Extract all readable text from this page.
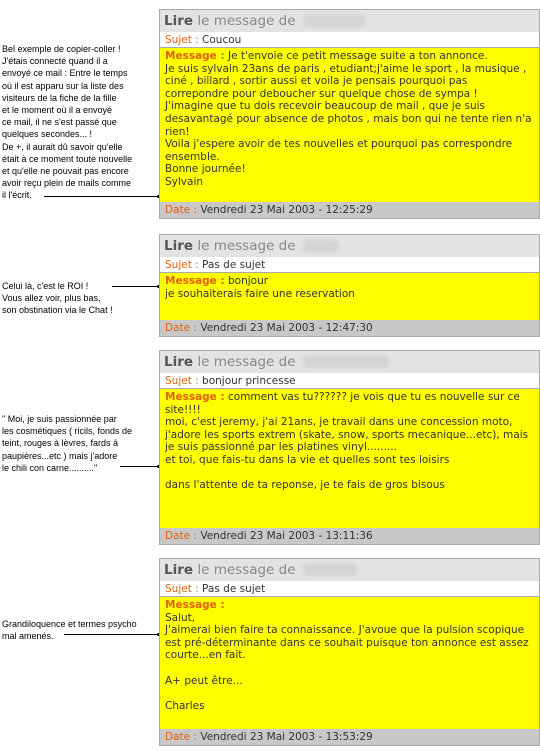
Bel exemple de copier-coller !
J'étais connecté quand il a
envoyé ce mail : Entre le temps
où il est apparu sur la liste des
visiteurs de la fiche de la fille
et le moment où il a envoyé
ce mail, il ne s'est passé que
quelques secondes... !
De +, il aurait dû savoir qu'elle
était à ce moment toute nouvelle
et qu'elle ne pouvait pas encore
avoir reçu plein de mails comme
il l'écrit.
Celui là, c'est le ROI !
Vous allez voir, plus bas,
son obstination via le Chat !
" Moi, je suis passionnée par
les cosmétiques ( ricils, fonds de
teint, rouges à lèvres, fards à
paupières...etc ) mais j'adore
le chili con carne.........."
Grandiloquence et termes psycho
mal amenés.
Lire le message de
Sujet : Coucou
Message : Je t'envoie ce petit message suite a ton annonce.
Je suis sylvain 23ans de paris , etudiant;j'aime le sport , la musique , ciné , billard , sortir aussi et voila je pensais pourquoi pas correpondre pour deboucher sur quelque chose de sympa !
J'imagine que tu dois recevoir beaucoup de mail , que je suis desavantagé pour absence de photos , mais bon qui ne tente rien n'a rien!
Voila j'espere avoir de tes nouvelles et pourquoi pas correspondre ensemble.
Bonne journée!
Sylvain
Date : Vendredi 23 Mai 2003 - 12:25:29
Lire le message de
Sujet : Pas de sujet
Message : bonjour
je souhaiterais faire une reservation
Date : Vendredi 23 Mai 2003 - 12:47:30
Lire le message de
Sujet : bonjour princesse
Message : comment vas tu?????? je vois que tu es nouvelle sur ce site!!!!
moi, c'est jeremy, j'ai 21ans, je travail dans une concession moto, j'adore les sports extrem (skate, snow, sports mecanique...etc), mais je suis passionné par les platines vinyl.........
et toi, que fais-tu dans la vie et quelles sont tes loisirs

dans l'attente de ta reponse, je te fais de gros bisous
Date : Vendredi 23 Mai 2003 - 13:11:36
Lire le message de
Sujet : Pas de sujet
Message :
Salut,
J'aimerai bien faire ta connaissance. J'avoue que la pulsion scopique est pré-déterminante dans ce souhait puisque ton annonce est assez courte...en fait.

A+ peut être...

Charles
Date : Vendredi 23 Mai 2003 - 13:53:29
